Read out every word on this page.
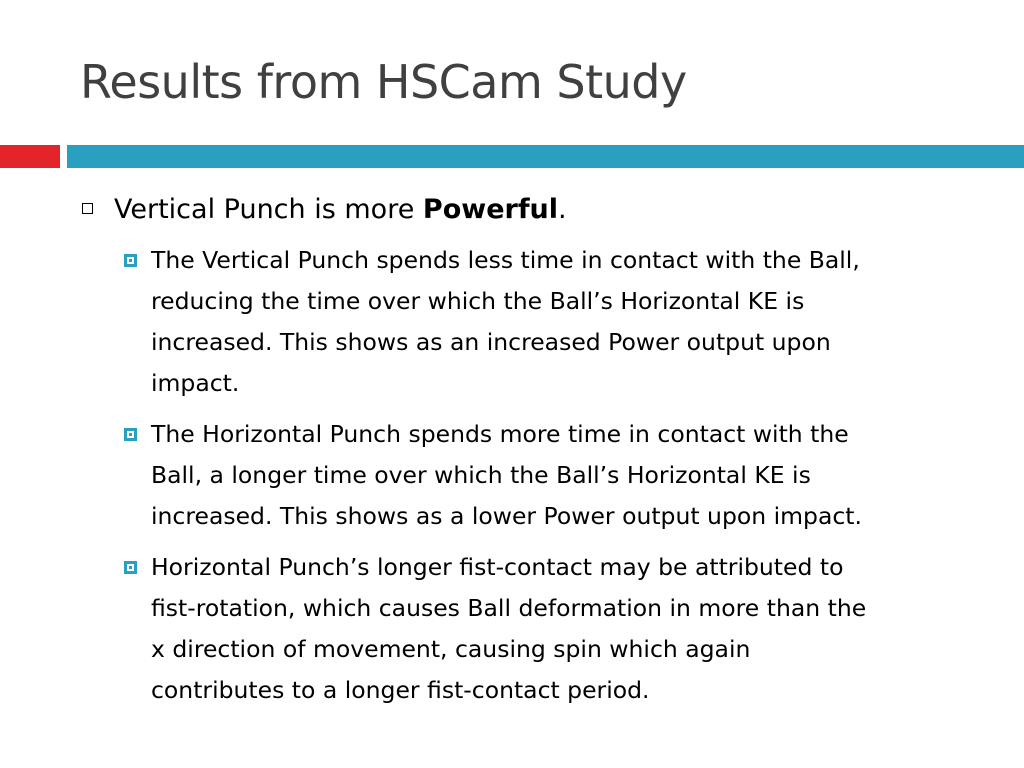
Results from HSCam Study
Vertical Punch is more Powerful.
The Vertical Punch spends less time in contact with the Ball,
reducing the time over which the Ball’s Horizontal KE is
increased. This shows as an increased Power output upon
impact.
The Horizontal Punch spends more time in contact with the
Ball, a longer time over which the Ball’s Horizontal KE is
increased. This shows as a lower Power output upon impact.
Horizontal Punch’s longer fist-contact may be attributed to
fist-rotation, which causes Ball deformation in more than the
x direction of movement, causing spin which again
contributes to a longer fist-contact period.
